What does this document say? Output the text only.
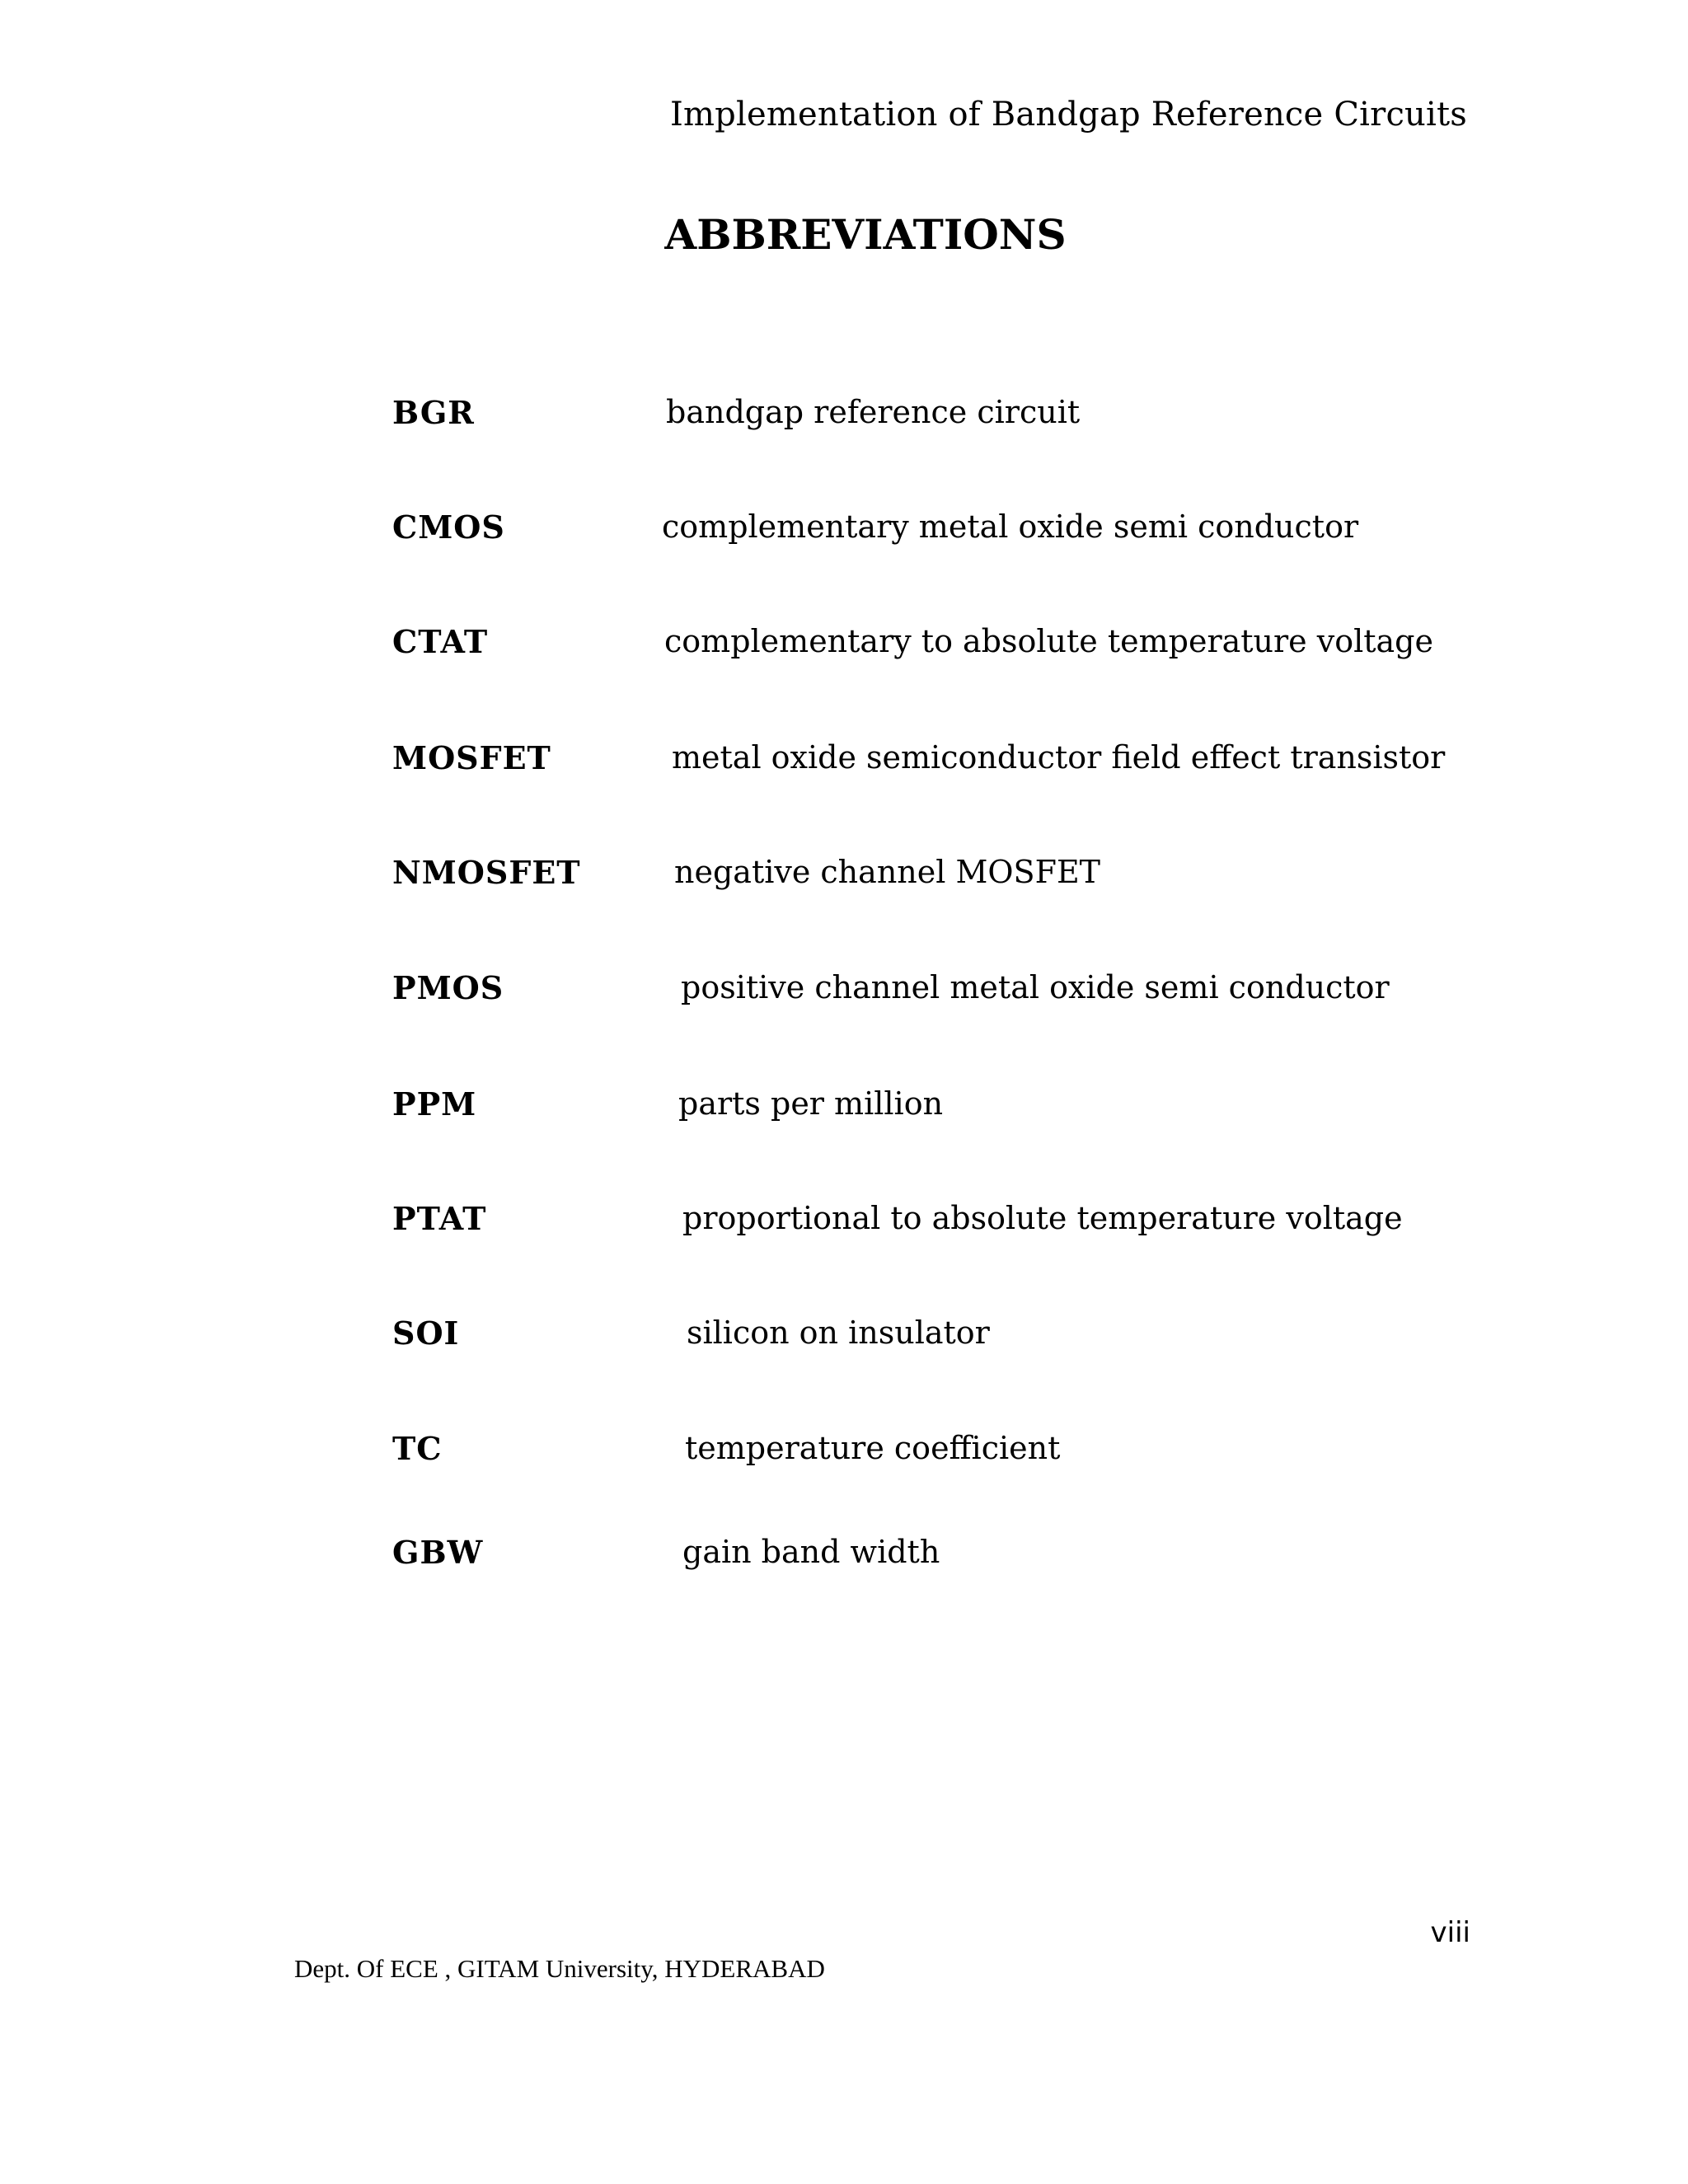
Implementation of Bandgap Reference Circuits
ABBREVIATIONS
BGR	bandgap reference circuit
CMOS	complementary metal oxide semi conductor
CTAT	complementary to absolute temperature voltage
MOSFET	metal oxide semiconductor field effect transistor
NMOSFET	negative channel MOSFET
PMOS	positive channel metal oxide semi conductor
PPM	parts per million
PTAT	proportional to absolute temperature voltage
SOI	silicon on insulator
TC	temperature coefficient
GBW	gain band width
viii
Dept. Of ECE , GITAM University, HYDERABAD
